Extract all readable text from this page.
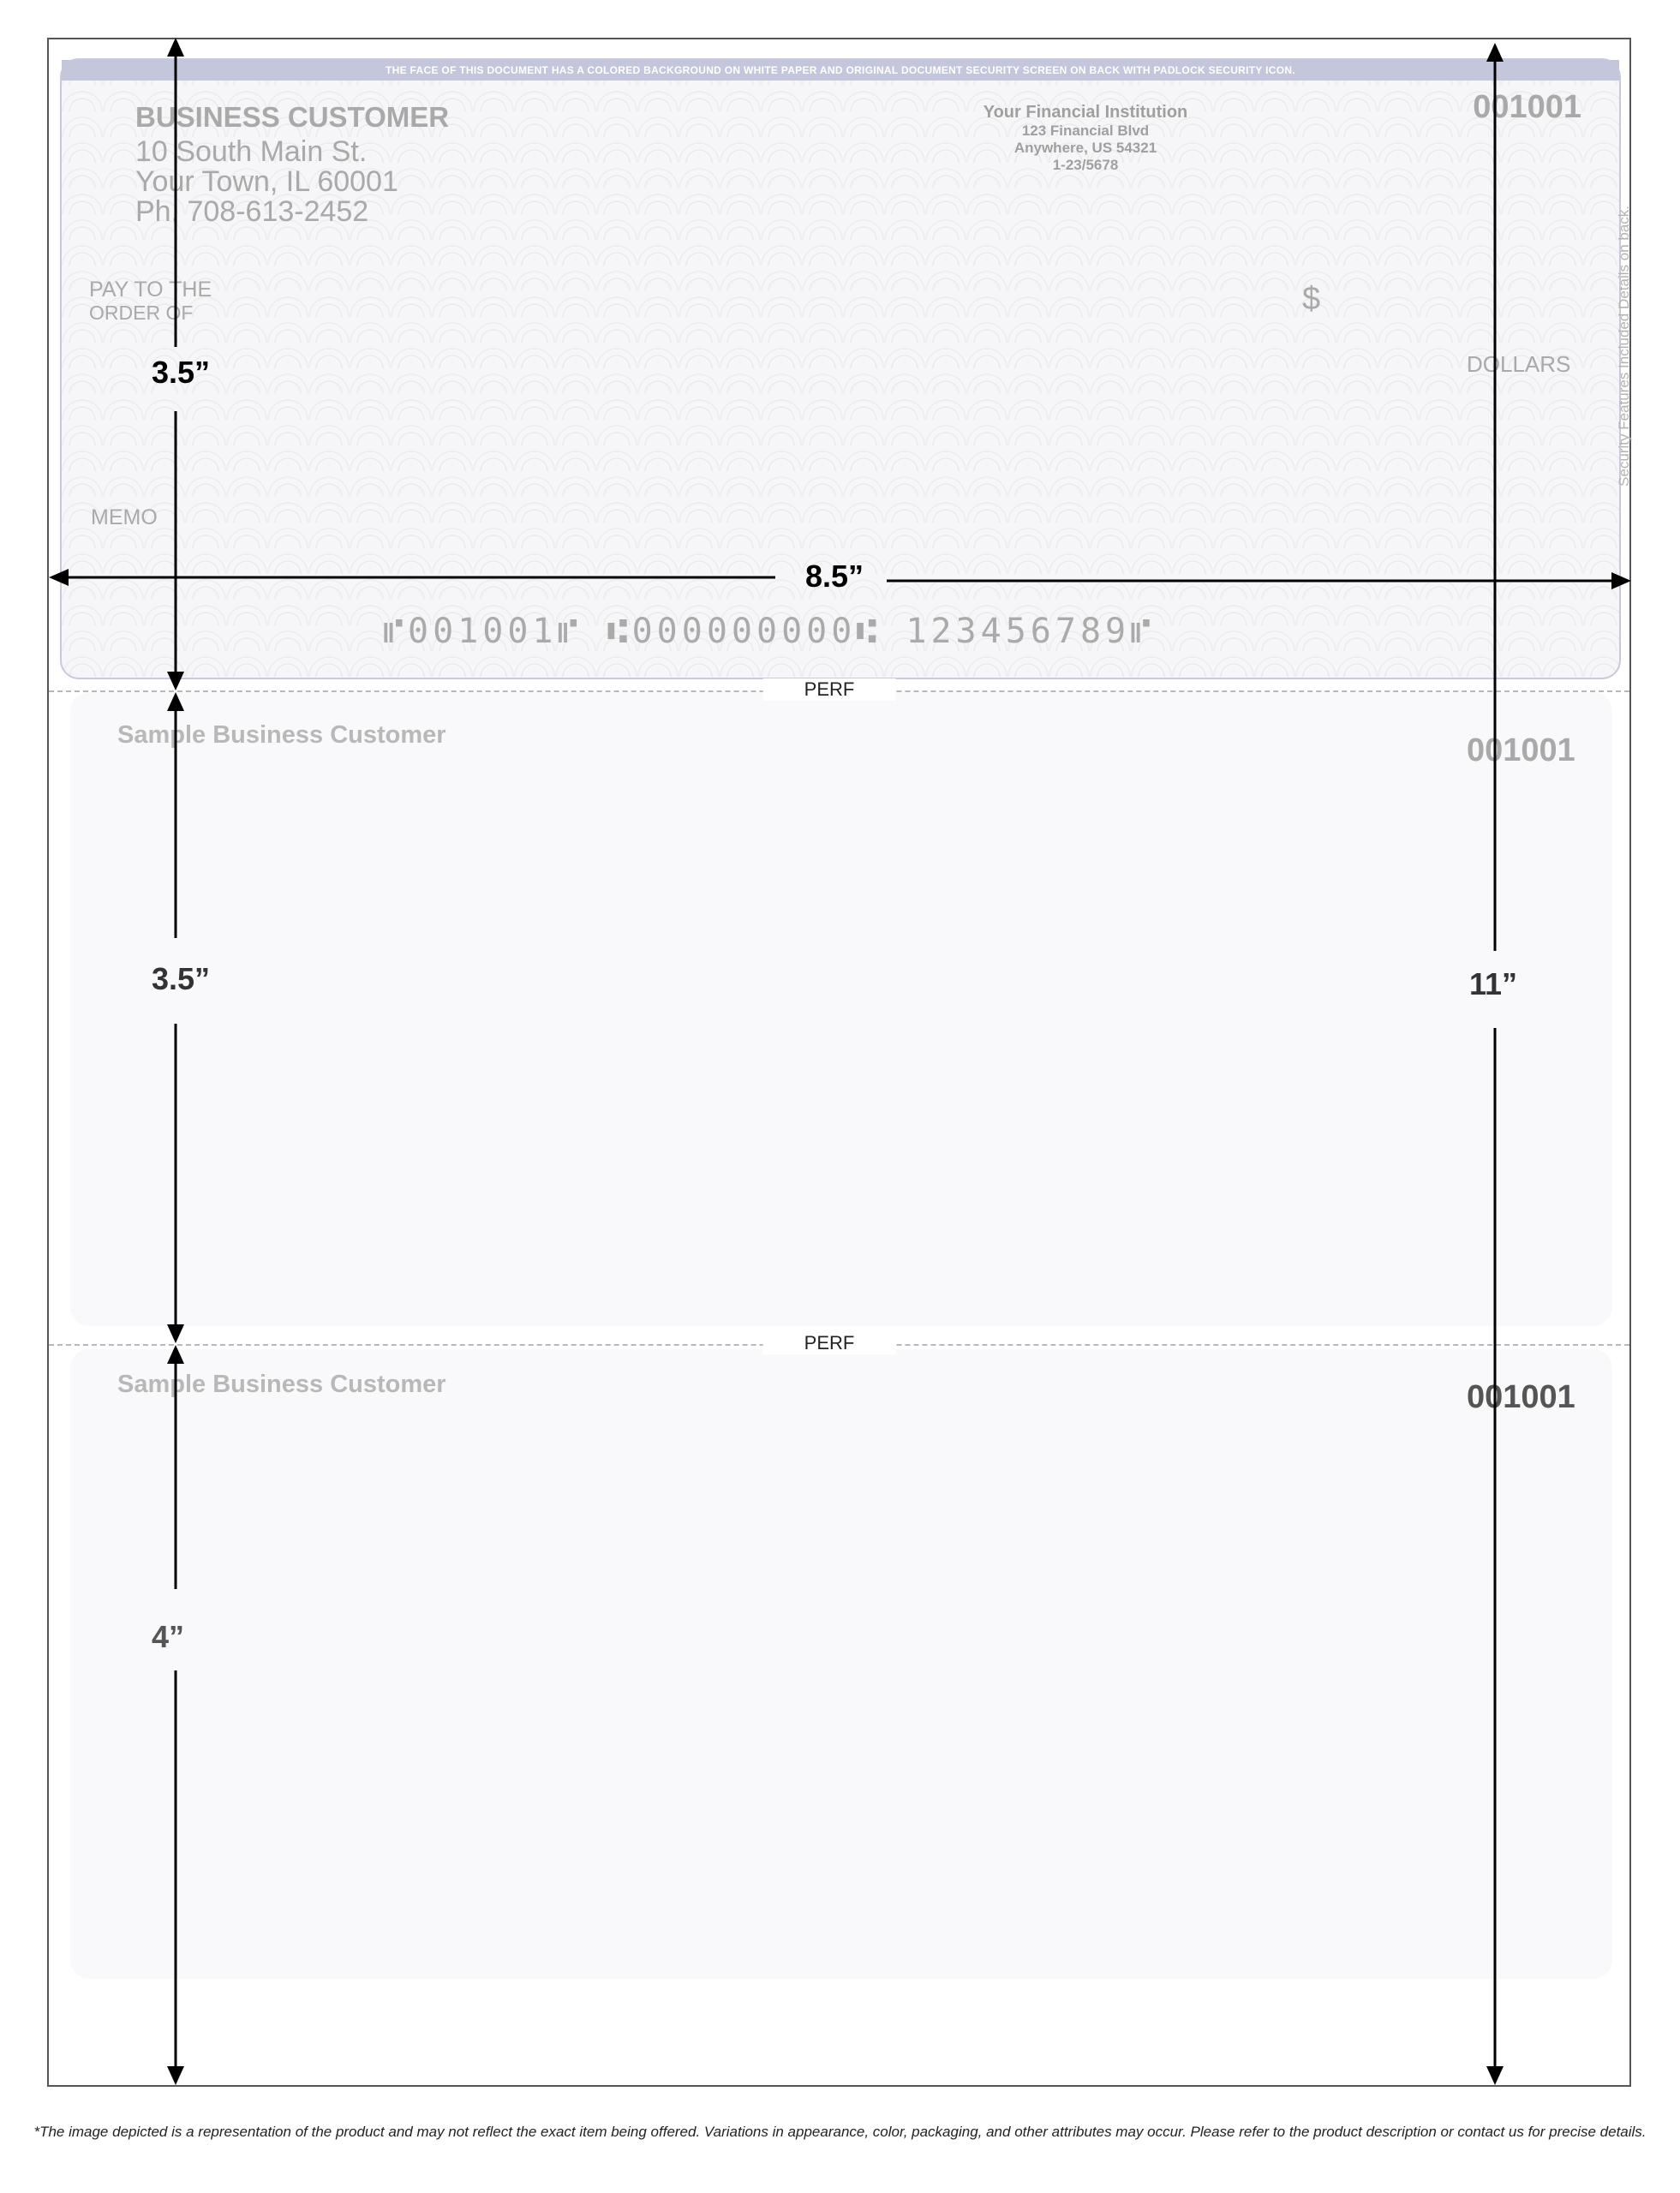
THE FACE OF THIS DOCUMENT HAS A COLORED BACKGROUND ON WHITE PAPER AND ORIGINAL DOCUMENT SECURITY SCREEN ON BACK WITH PADLOCK SECURITY ICON.
BUSINESS CUSTOMER
10 South Main St.
Your Town, IL 60001
Ph. 708-613-2452
Your Financial Institution
123 Financial Blvd
Anywhere, US 54321
1-23/5678
001001
PAY TO THE
ORDER OF	$
DOLLARS
MEMO
⑈001001⑈ ⑆000000000⑆ 123456789⑈
Security Features Included Details on back.
PERF
PERF
Sample Business Customer	001001
Sample Business Customer	001001
3.5”
3.5”
4”
8.5”
11”
*The image depicted is a representation of the product and may not reflect the exact item being offered. Variations in appearance, color, packaging, and other attributes may occur. Please refer to the product description or contact us for precise details.
